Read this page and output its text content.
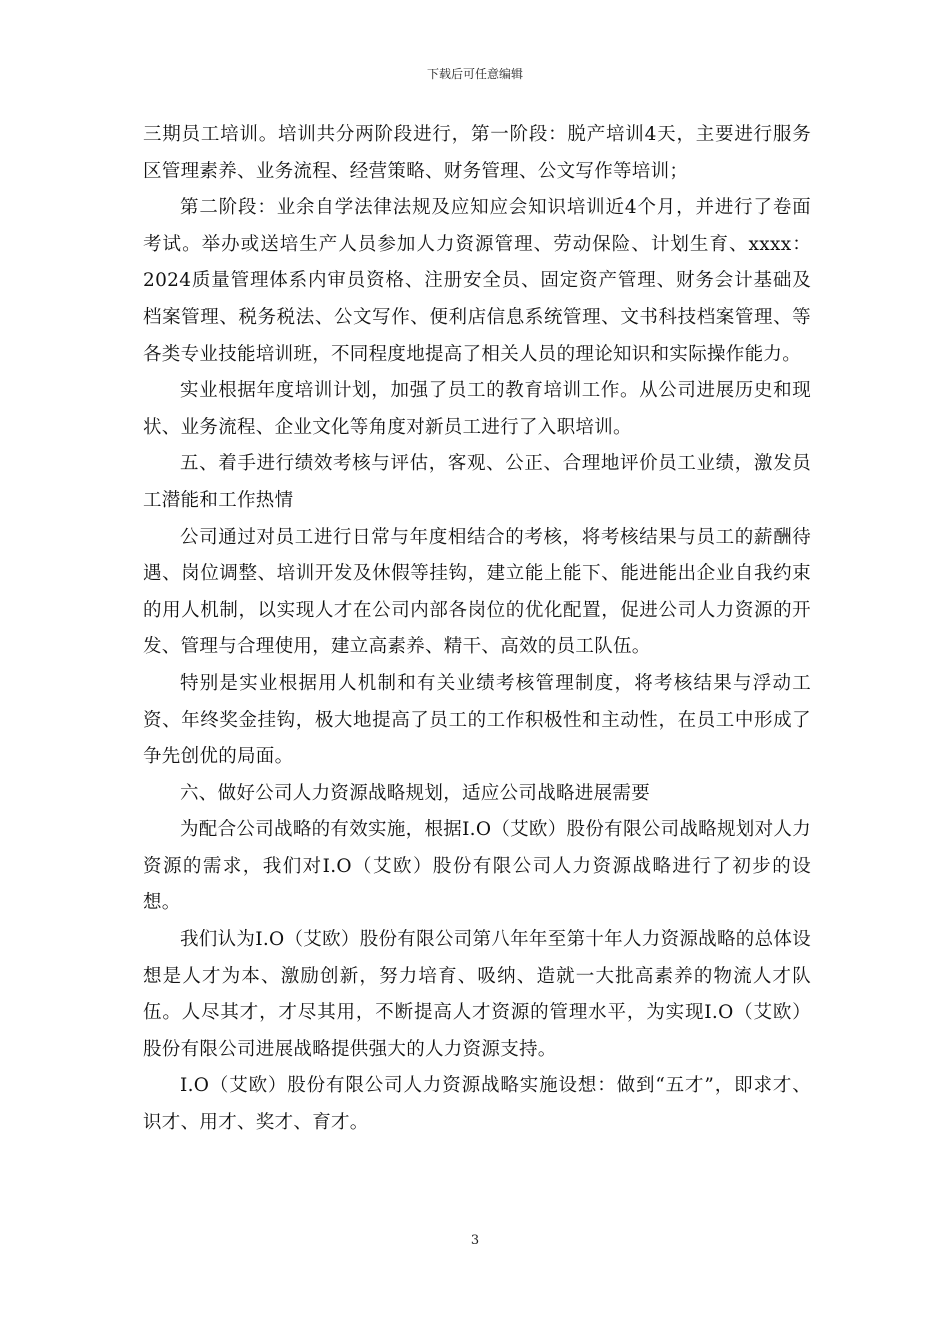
下载后可任意编辑

三期员工培训。培训共分两阶段进行，第一阶段：脱产培训4天，主要进行服务区管理素养、业务流程、经营策略、财务管理、公文写作等培训；

第二阶段：业余自学法律法规及应知应会知识培训近4个月，并进行了卷面考试。举办或送培生产人员参加人力资源管理、劳动保险、计划生育、xxxx：2024质量管理体系内审员资格、注册安全员、固定资产管理、财务会计基础及档案管理、税务税法、公文写作、便利店信息系统管理、文书科技档案管理、等各类专业技能培训班，不同程度地提高了相关人员的理论知识和实际操作能力。

实业根据年度培训计划，加强了员工的教育培训工作。从公司进展历史和现状、业务流程、企业文化等角度对新员工进行了入职培训。

五、着手进行绩效考核与评估，客观、公正、合理地评价员工业绩，激发员工潜能和工作热情

公司通过对员工进行日常与年度相结合的考核，将考核结果与员工的薪酬待遇、岗位调整、培训开发及休假等挂钩，建立能上能下、能进能出企业自我约束的用人机制，以实现人才在公司内部各岗位的优化配置，促进公司人力资源的开发、管理与合理使用，建立高素养、精干、高效的员工队伍。

特别是实业根据用人机制和有关业绩考核管理制度，将考核结果与浮动工资、年终奖金挂钩，极大地提高了员工的工作积极性和主动性，在员工中形成了争先创优的局面。

六、做好公司人力资源战略规划，适应公司战略进展需要

为配合公司战略的有效实施，根据I.O（艾欧）股份有限公司战略规划对人力资源的需求，我们对I.O（艾欧）股份有限公司人力资源战略进行了初步的设想。

我们认为I.O（艾欧）股份有限公司第八年年至第十年人力资源战略的总体设想是人才为本、激励创新，努力培育、吸纳、造就一大批高素养的物流人才队伍。人尽其才，才尽其用，不断提高人才资源的管理水平，为实现I.O（艾欧）股份有限公司进展战略提供强大的人力资源支持。

I.O（艾欧）股份有限公司人力资源战略实施设想：做到“五才”，即求才、识才、用才、奖才、育才。

3
